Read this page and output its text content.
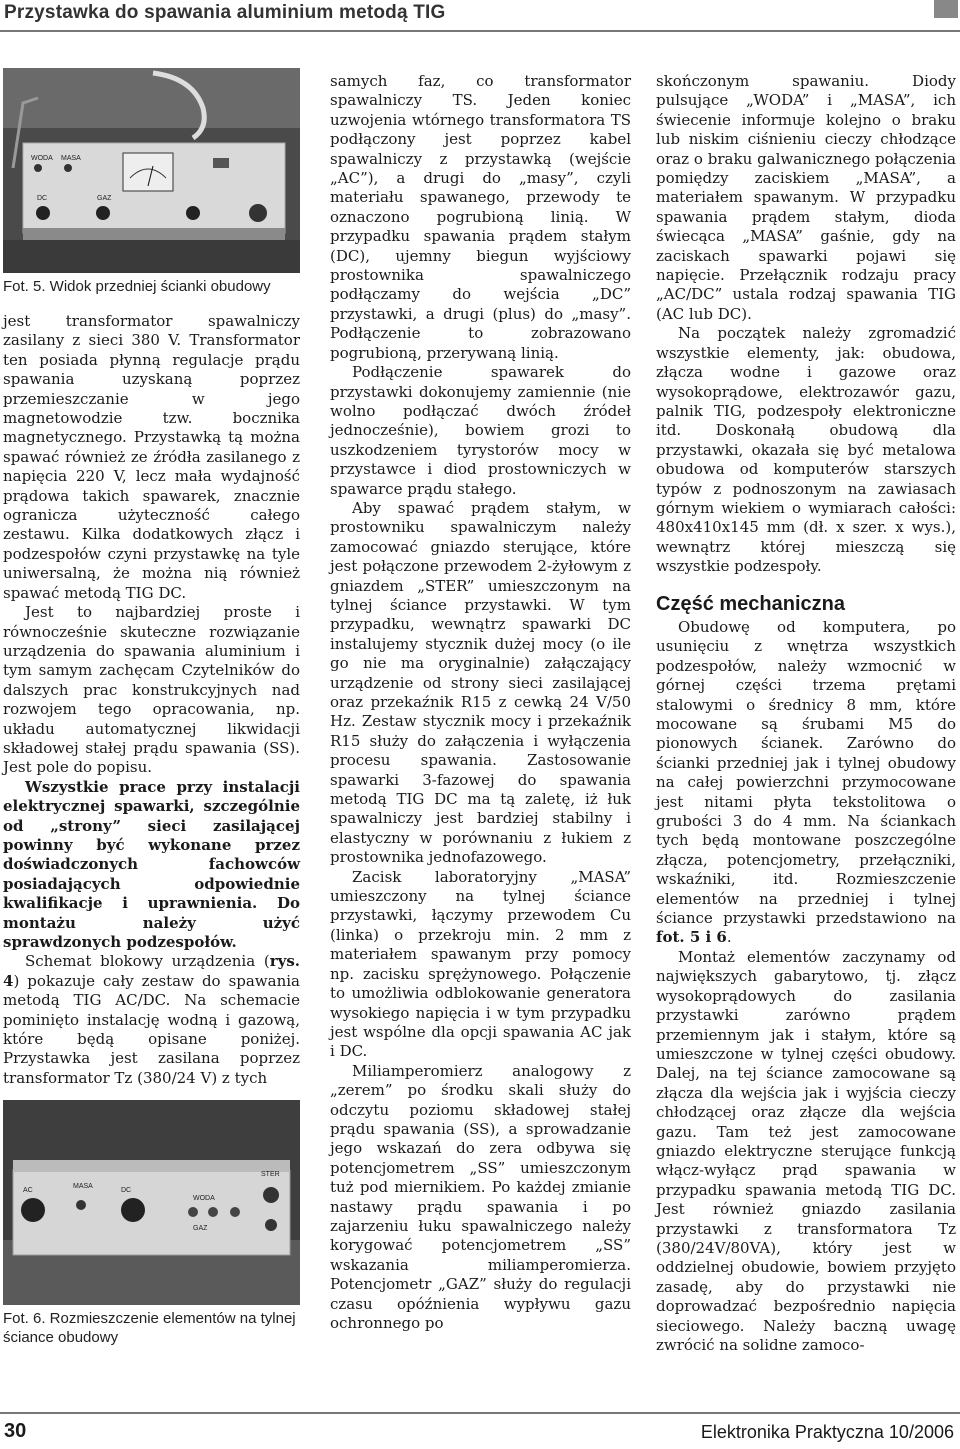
Przystawka do spawania aluminium metodą TIG
WODA MASA
GAZ
DC
Fot. 5. Widok przedniej ścianki obudowy

jest transformator spawalniczy zasilany z sieci 380 V. Transformator ten posiada płynną regulacje prądu spawania uzyskaną poprzez przemieszczanie w jego magnetowodzie tzw. bocznika magnetycznego. Przystawką tą można spawać również ze źródła zasilanego z napięcia 220 V, lecz mała wydajność prądowa takich spawarek, znacznie ogranicza użyteczność całego zestawu. Kilka dodatkowych złącz i podzespołów czyni przystawkę na tyle uniwersalną, że można nią również spawać metodą TIG DC.

Jest to najbardziej proste i równocześnie skuteczne rozwiązanie urządzenia do spawania aluminium i tym samym zachęcam Czytelników do dalszych prac konstrukcyjnych nad rozwojem tego opracowania, np. układu automatycznej likwidacji składowej stałej prądu spawania (SS). Jest pole do popisu.

Wszystkie prace przy instalacji elektrycznej spawarki, szczególnie od „strony” sieci zasilającej powinny być wykonane przez doświadczonych fachowców posiadających odpowiednie kwalifikacje i uprawnienia. Do montażu należy użyć sprawdzonych podzespołów.

Schemat blokowy urządzenia (rys. 4) pokazuje cały zestaw do spawania metodą TIG AC/DC. Na schemacie pominięto instalację wodną i gazową, które będą opisane poniżej. Przystawka jest zasilana poprzez transformator Tz (380/24 V) z tych

AC
MASA
DC
WODA
GAZ
STER
Fot. 6. Rozmieszczenie elementów na tylnej ściance obudowy

samych faz, co transformator spawalniczy TS. Jeden koniec uzwojenia wtórnego transformatora TS podłączony jest poprzez kabel spawalniczy z przystawką (wejście „AC”), a drugi do „masy”, czyli materiału spawanego, przewody te oznaczono pogrubioną linią. W przypadku spawania prądem stałym (DC), ujemny biegun wyjściowy prostownika spawalniczego podłączamy do wejścia „DC” przystawki, a drugi (plus) do „masy”. Podłączenie to zobrazowano pogrubioną, przerywaną linią.

Podłączenie spawarek do przystawki dokonujemy zamiennie (nie wolno podłączać dwóch źródeł jednocześnie), bowiem grozi to uszkodzeniem tyrystorów mocy w przystawce i diod prostowniczych w spawarce prądu stałego.

Aby spawać prądem stałym, w prostowniku spawalniczym należy zamocować gniazdo sterujące, które jest połączone przewodem 2-żyłowym z gniazdem „STER” umieszczonym na tylnej ściance przystawki. W tym przypadku, wewnątrz spawarki DC instalujemy stycznik dużej mocy (o ile go nie ma oryginalnie) załączający urządzenie od strony sieci zasilającej oraz przekaźnik R15 z cewką 24 V/50 Hz. Zestaw stycznik mocy i przekaźnik R15 służy do załączenia i wyłączenia procesu spawania. Zastosowanie spawarki 3-fazowej do spawania metodą TIG DC ma tą zaletę, iż łuk spawalniczy jest bardziej stabilny i elastyczny w porównaniu z łukiem z prostownika jednofazowego.

Zacisk laboratoryjny „MASA” umieszczony na tylnej ściance przystawki, łączymy przewodem Cu (linka) o przekroju min. 2 mm z materiałem spawanym przy pomocy np. zacisku sprężynowego. Połączenie to umożliwia odblokowanie generatora wysokiego napięcia i w tym przypadku jest wspólne dla opcji spawania AC jak i DC.

Miliamperomierz analogowy z „zerem” po środku skali służy do odczytu poziomu składowej stałej prądu spawania (SS), a sprowadzanie jego wskazań do zera odbywa się potencjometrem „SS” umieszczonym tuż pod miernikiem. Po każdej zmianie nastawy prądu spawania i po zajarzeniu łuku spawalniczego należy korygować potencjometrem „SS” wskazania miliamperomierza. Potencjometr „GAZ” służy do regulacji czasu opóźnienia wypływu gazu ochronnego po

skończonym spawaniu. Diody pulsujące „WODA” i „MASA”, ich świecenie informuje kolejno o braku lub niskim ciśnieniu cieczy chłodzące oraz o braku galwanicznego połączenia pomiędzy zaciskiem „MASA”, a materiałem spawanym. W przypadku spawania prądem stałym, dioda świecąca „MASA” gaśnie, gdy na zaciskach spawarki pojawi się napięcie. Przełącznik rodzaju pracy „AC/DC” ustala rodzaj spawania TIG (AC lub DC).

Na początek należy zgromadzić wszystkie elementy, jak: obudowa, złącza wodne i gazowe oraz wysokoprądowe, elektrozawór gazu, palnik TIG, podzespoły elektroniczne itd. Doskonałą obudową dla przystawki, okazała się być metalowa obudowa od komputerów starszych typów z podnoszonym na zawiasach górnym wiekiem o wymiarach całości: 480x410x145 mm (dł. x szer. x wys.), wewnątrz której mieszczą się wszystkie podzespoły.

Część mechaniczna

Obudowę od komputera, po usunięciu z wnętrza wszystkich podzespołów, należy wzmocnić w górnej części trzema prętami stalowymi o średnicy 8 mm, które mocowane są śrubami M5 do pionowych ścianek. Zarówno do ścianki przedniej jak i tylnej obudowy na całej powierzchni przymocowane jest nitami płyta tekstolitowa o grubości 3 do 4 mm. Na ściankach tych będą montowane poszczególne złącza, potencjometry, przełączniki, wskaźniki, itd. Rozmieszczenie elementów na przedniej i tylnej ściance przystawki przedstawiono na fot. 5 i 6.

Montaż elementów zaczynamy od największych gabarytowo, tj. złącz wysokoprądowych do zasilania przystawki zarówno prądem przemiennym jak i stałym, które są umieszczone w tylnej części obudowy. Dalej, na tej ściance zamocowane są złącza dla wejścia jak i wyjścia cieczy chłodzącej oraz złącze dla wejścia gazu. Tam też jest zamocowane gniazdo elektryczne sterujące funkcją włącz-wyłącz prąd spawania w przypadku spawania metodą TIG DC. Jest również gniazdo zasilania przystawki z transformatora Tz (380/24V/80VA), który jest w oddzielnej obudowie, bowiem przyjęto zasadę, aby do przystawki nie doprowadzać bezpośrednio napięcia sieciowego. Należy baczną uwagę zwrócić na solidne zamoco-

30	Elektronika Praktyczna 10/2006
